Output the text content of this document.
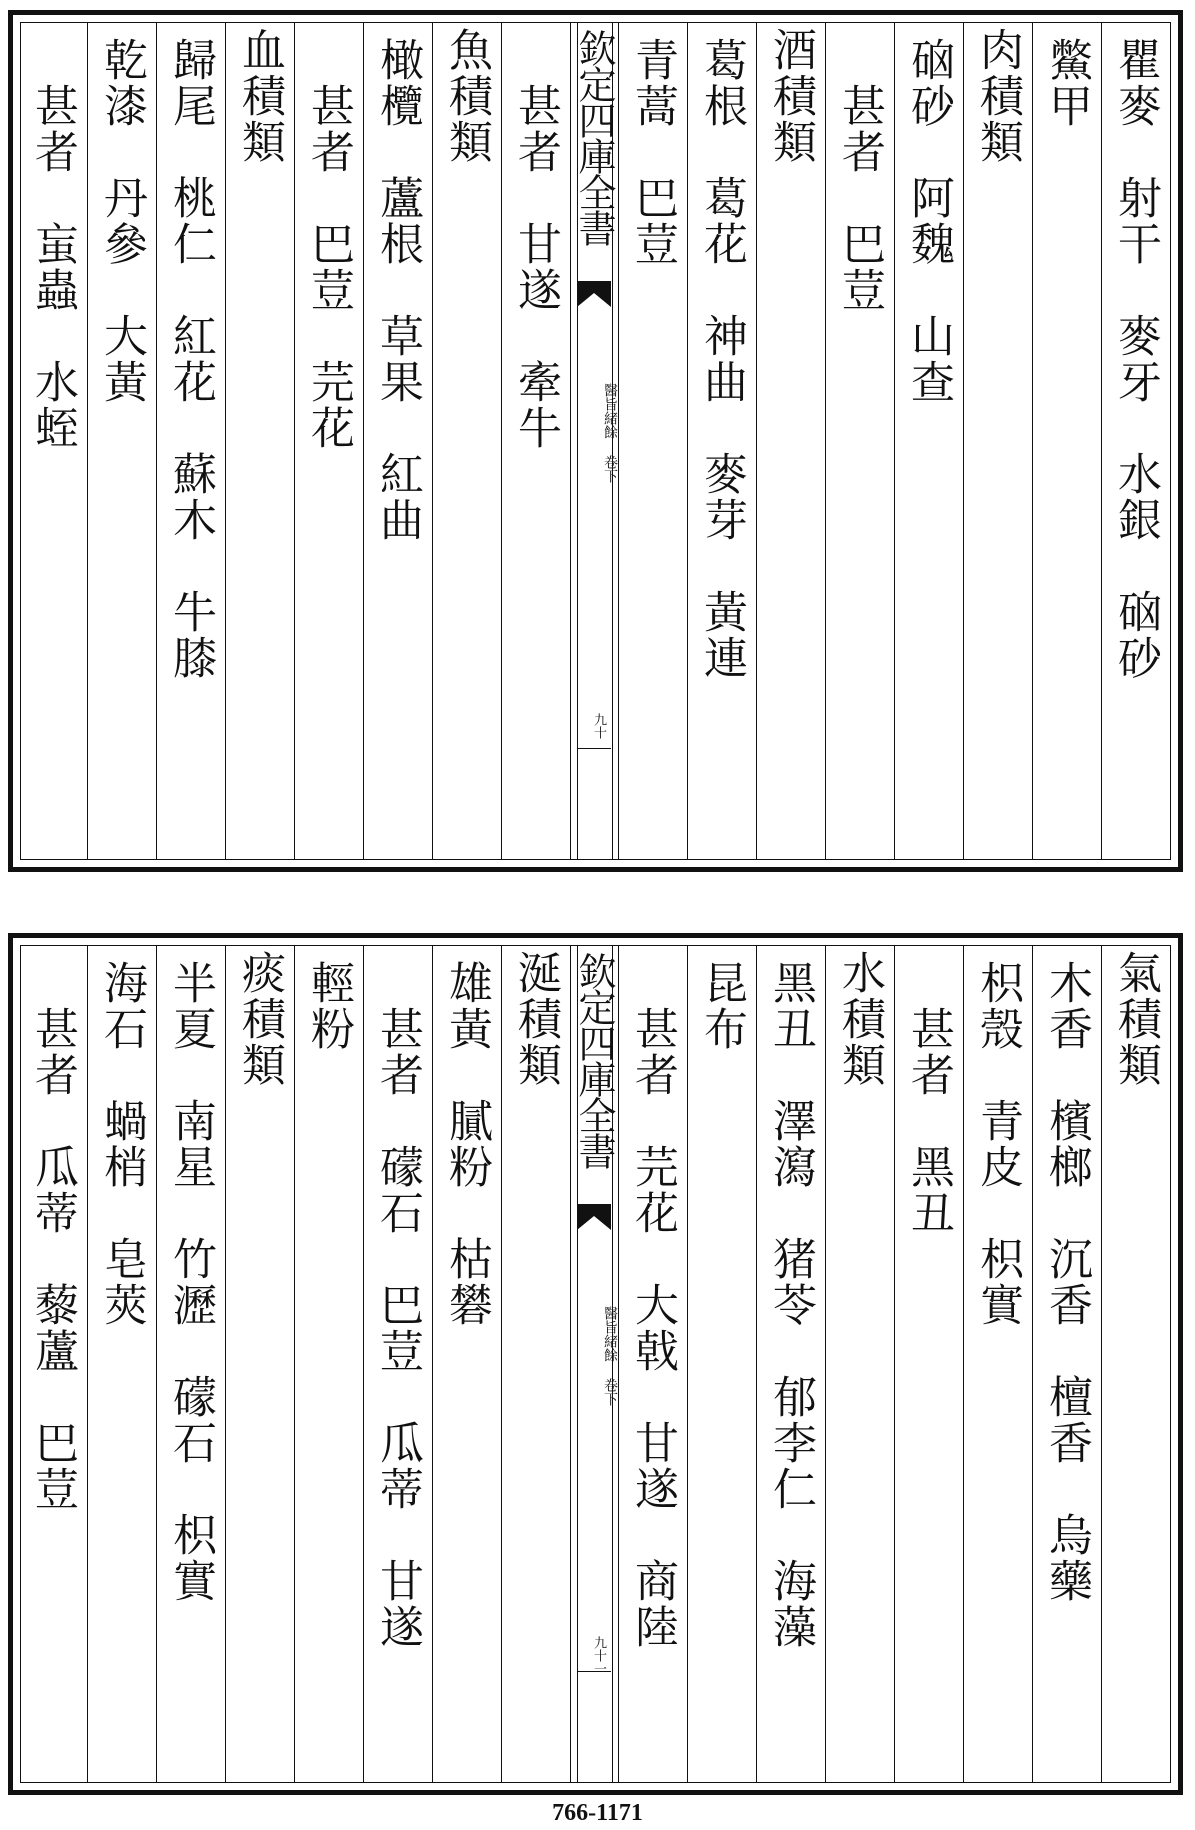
瞿麥　射干　麥牙　水銀　硇砂
鱉甲
肉積類
硇砂　阿魏　山查
甚者　巴荳
酒積類
葛根　葛花　神曲　麥芽　黃連
青蒿　巴荳
欽定四庫全書
醫旨緒餘 卷下
九十
甚者　甘遂　牽牛
魚積類
橄欖　蘆根　草果　紅曲
甚者　巴荳　芫花
血積類
歸尾　桃仁　紅花　蘇木　牛膝
乾漆　丹參　大黃
甚者　䖟蟲　水蛭
氣積類
木香　檳榔　沉香　檀香　烏藥
枳殼　青皮　枳實
甚者　黑丑
水積類
黑丑　澤瀉　猪苓　郁李仁　海藻
昆布
甚者　芫花　大戟　甘遂　商陸
欽定四庫全書
醫旨緒餘 卷下
九十一
涎積類
雄黃　膩粉　枯礬
甚者　礞石　巴荳　瓜蒂　甘遂
輕粉
痰積類
半夏　南星　竹瀝　礞石　枳實
海石　蝸梢　皂莢
甚者　瓜蒂　藜蘆　巴荳
766-1171
